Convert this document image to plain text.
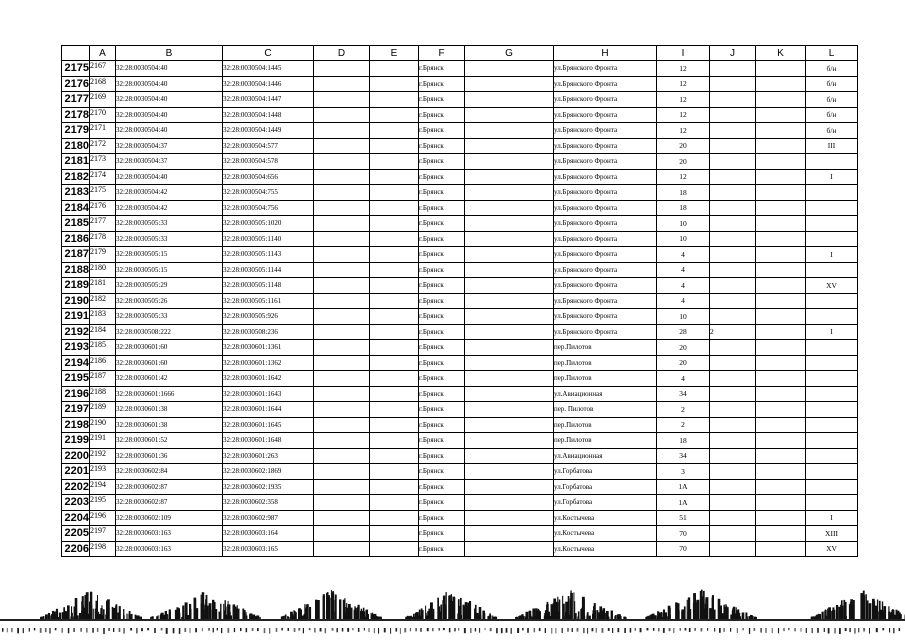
	A	B	C	D	E	F	G	H	I	J	K	L
2175	2167	32:28:0030504:40	32:28:0030504:1445			г.Брянск		ул.Брянского Фронта	12			б/н
2176	2168	32:28:0030504:40	32:28:0030504:1446			г.Брянск		ул.Брянского Фронта	12			б/н
2177	2169	32:28:0030504:40	32:28:0030504:1447			г.Брянск		ул.Брянского Фронта	12			б/н
2178	2170	32:28:0030504:40	32:28:0030504:1448			г.Брянск		ул.Брянского Фронта	12			б/н
2179	2171	32:28:0030504:40	32:28:0030504:1449			г.Брянск		ул.Брянского Фронта	12			б/н
2180	2172	32:28:0030504:37	32:28:0030504:577			г.Брянск		ул.Брянского Фронта	20			III
2181	2173	32:28:0030504:37	32:28:0030504:578			г.Брянск		ул.Брянского Фронта	20			
2182	2174	32:28:0030504:40	32:28:0030504:656			г.Брянск		ул.Брянского Фронта	12			I
2183	2175	32:28:0030504:42	32:28:0030504:755			г.Брянск		ул.Брянского Фронта	18			
2184	2176	32:28:0030504:42	32:28:0030504:756			г.Брянск		ул.Брянского Фронта	18			
2185	2177	32:28:0030505:33	32:28:0030505:1020			г.Брянск		ул.Брянского Фронта	10			
2186	2178	32:28:0030505:33	32:28:0030505:1140			г.Брянск		ул.Брянского Фронта	10			
2187	2179	32:28:0030505:15	32:28:0030505:1143			г.Брянск		ул.Брянского Фронта	4			I
2188	2180	32:28:0030505:15	32:28:0030505:1144			г.Брянск		ул.Брянского Фронта	4			
2189	2181	32:28:0030505:29	32:28:0030505:1148			г.Брянск		ул.Брянского Фронта	4			XV
2190	2182	32:28:0030505:26	32:28:0030505:1161			г.Брянск		ул.Брянского Фронта	4			
2191	2183	32:28:0030505:33	32:28:0030505:926			г.Брянск		ул.Брянского Фронта	10			
2192	2184	32:28:0030508:222	32:28:0030508:236			г.Брянск		ул.Брянского Фронта	28	2		I
2193	2185	32:28:0030601:60	32:28:0030601:1361			г.Брянск		пер.Пилотов	20			
2194	2186	32:28:0030601:60	32:28:0030601:1362			г.Брянск		пер.Пилотов	20			
2195	2187	32:28:0030601:42	32:28:0030601:1642			г.Брянск		пер.Пилотов	4			
2196	2188	32:28:0030601:1666	32:28:0030601:1643			г.Брянск		ул.Авиационная	34			
2197	2189	32:28:0030601:38	32:28:0030601:1644			г.Брянск		пер. Пилотов	2			
2198	2190	32:28:0030601:38	32:28:0030601:1645			г.Брянск		пер.Пилотов	2			
2199	2191	32:28:0030601:52	32:28:0030601:1648			г.Брянск		пер.Пилотов	18			
2200	2192	32:28:0030601:36	32:28:0030601:263			г.Брянск		ул.Авиационная	34			
2201	2193	32:28:0030602:84	32:28:0030602:1869			г.Брянск		ул.Горбатова	3			
2202	2194	32:28:0030602:87	32:28:0030602:1935			г.Брянск		ул.Горбатова	1А			
2203	2195	32:28:0030602:87	32:28:0030602:358			г.Брянск		ул.Горбатова	1А			
2204	2196	32:28:0030602:109	32:28:0030602:987			г.Брянск		ул.Костычева	51			I
2205	2197	32:28:0030603:163	32:28:0030603:164			г.Брянск		ул.Костычева	70			XIII
2206	2198	32:28:0030603:163	32:28:0030603:165			г.Брянск		ул.Костычева	70			XV
